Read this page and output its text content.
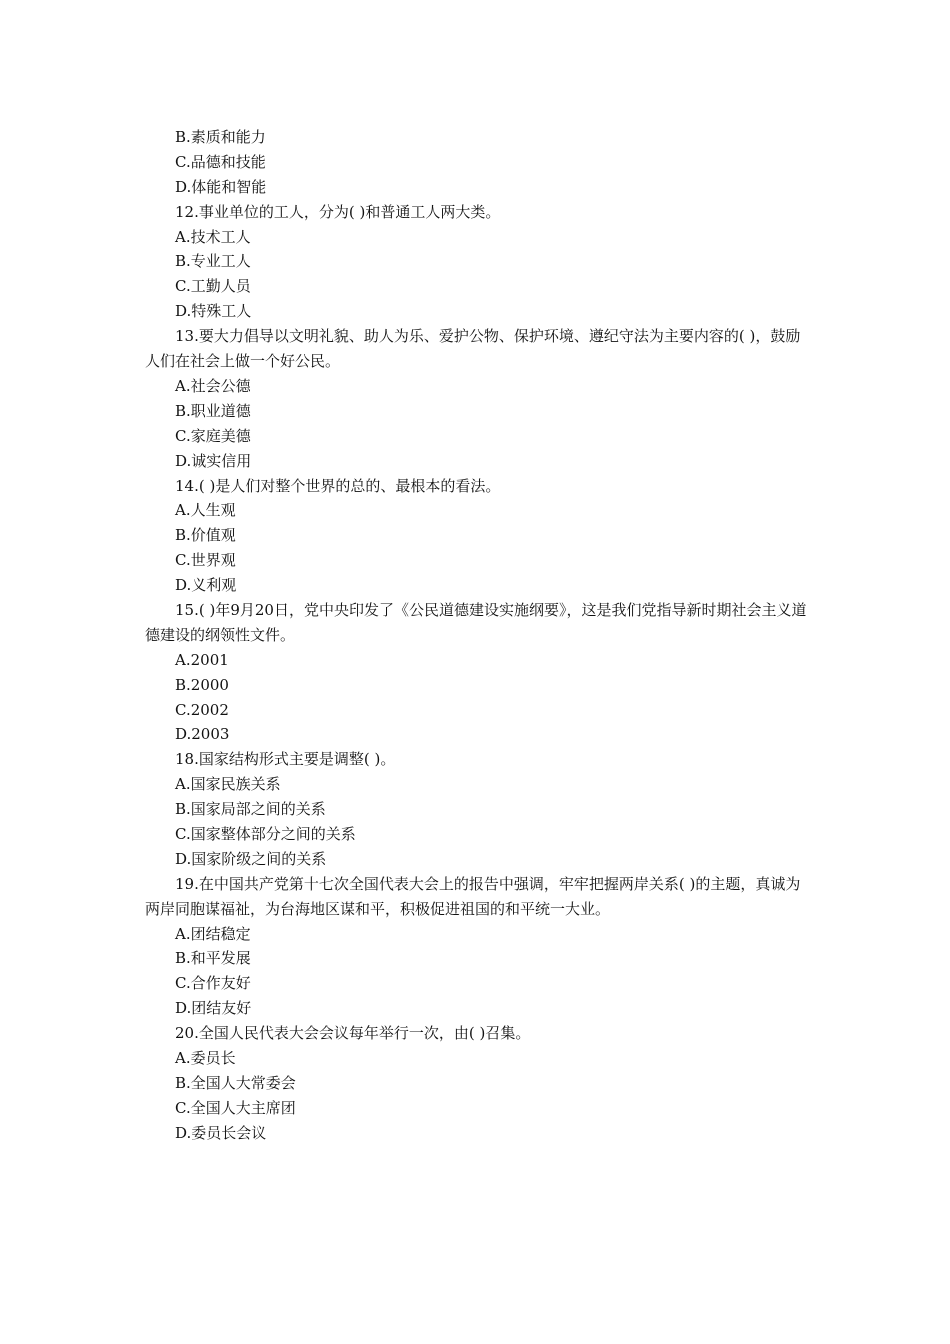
B.素质和能力
C.品德和技能
D.体能和智能
12.事业单位的工人，分为( )和普通工人两大类。
A.技术工人
B.专业工人
C.工勤人员
D.特殊工人
13.要大力倡导以文明礼貌、助人为乐、爱护公物、保护环境、遵纪守法为主要内容的( )，鼓励人们在社会上做一个好公民。
A.社会公德
B.职业道德
C.家庭美德
D.诚实信用
14.( )是人们对整个世界的总的、最根本的看法。
A.人生观
B.价值观
C.世界观
D.义利观
15.( )年9月20日，党中央印发了《公民道德建设实施纲要》，这是我们党指导新时期社会主义道德建设的纲领性文件。
A.2001
B.2000
C.2002
D.2003
18.国家结构形式主要是调整( )。
A.国家民族关系
B.国家局部之间的关系
C.国家整体部分之间的关系
D.国家阶级之间的关系
19.在中国共产党第十七次全国代表大会上的报告中强调，牢牢把握两岸关系( )的主题，真诚为两岸同胞谋福祉，为台海地区谋和平，积极促进祖国的和平统一大业。
A.团结稳定
B.和平发展
C.合作友好
D.团结友好
20.全国人民代表大会会议每年举行一次，由( )召集。
A.委员长
B.全国人大常委会
C.全国人大主席团
D.委员长会议
